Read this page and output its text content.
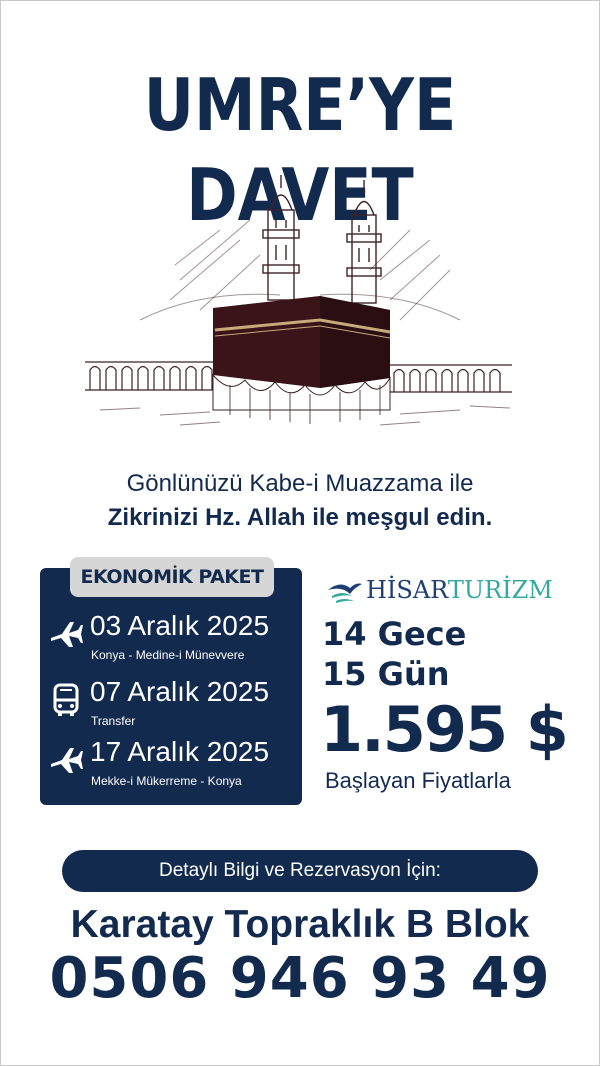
UMRE’YE DAVET
Gönlünüzü Kabe-i Muazzama ile
Zikrinizi Hz. Allah ile meşgul edin.
EKONOMİK PAKET
03 Aralık 2025
Konya - Medine-i Münevvere
07 Aralık 2025
Transfer
17 Aralık 2025
Mekke-i Mükerreme - Konya
HİSARTURİZM
14 Gece
15 Gün
1.595 $
Başlayan Fiyatlarla
Detaylı Bilgi ve Rezervasyon İçin:
Karatay Topraklık B Blok
0506 946 93 49
